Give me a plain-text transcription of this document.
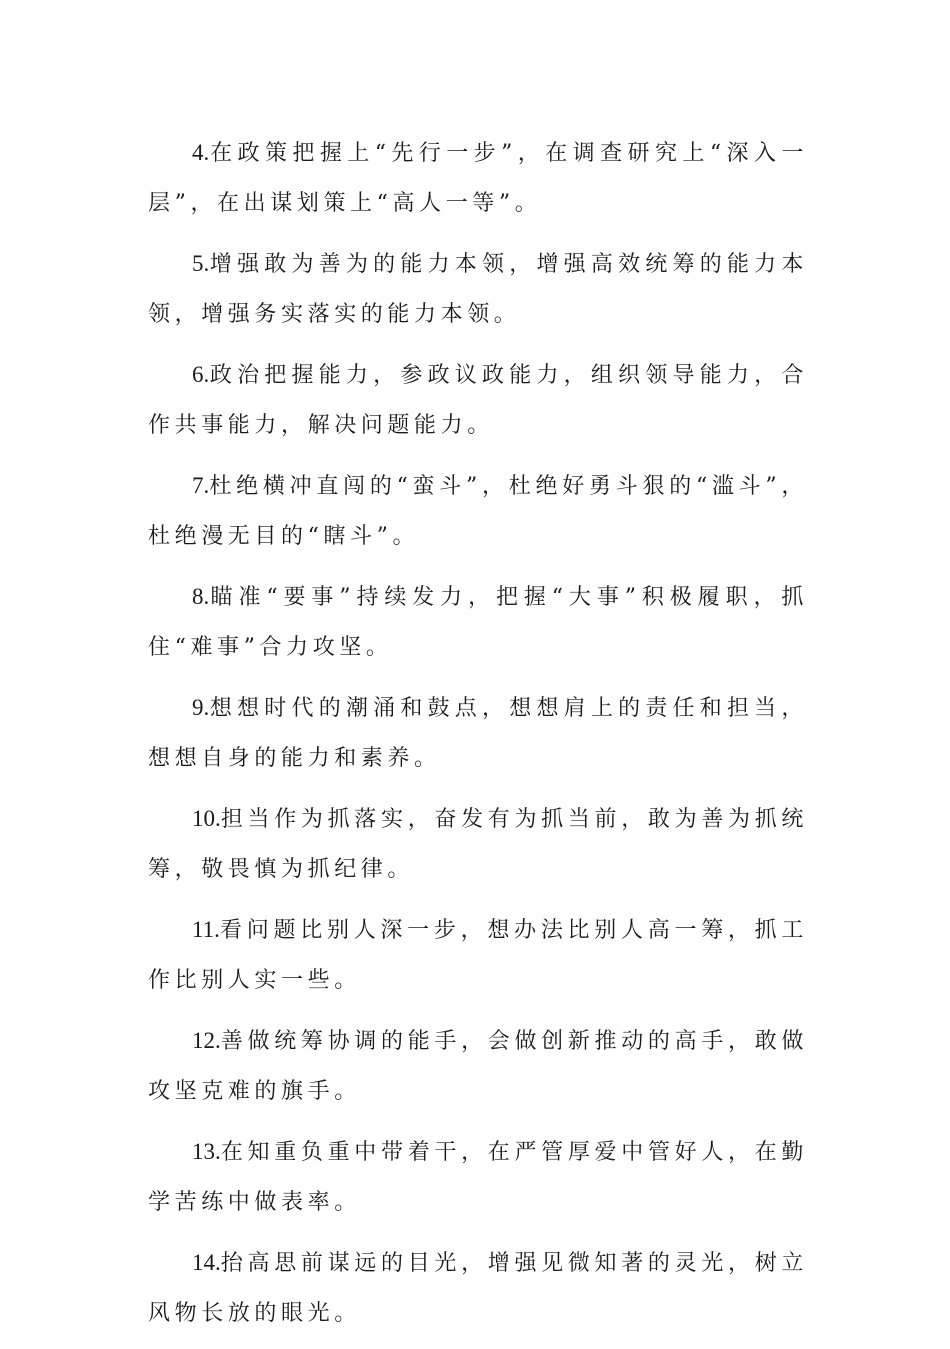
4.在政策把握上“先行一步”，在调查研究上“深入一层”，在出谋划策上“高人一等”。

5.增强敢为善为的能力本领，增强高效统筹的能力本领，增强务实落实的能力本领。

6.政治把握能力，参政议政能力，组织领导能力，合作共事能力，解决问题能力。

7.杜绝横冲直闯的“蛮斗”，杜绝好勇斗狠的“滥斗”，杜绝漫无目的“瞎斗”。

8.瞄准“要事”持续发力，把握“大事”积极履职，抓住“难事”合力攻坚。

9.想想时代的潮涌和鼓点，想想肩上的责任和担当，想想自身的能力和素养。

10.担当作为抓落实，奋发有为抓当前，敢为善为抓统筹，敬畏慎为抓纪律。

11.看问题比别人深一步，想办法比别人高一筹，抓工作比别人实一些。

12.善做统筹协调的能手，会做创新推动的高手，敢做攻坚克难的旗手。

13.在知重负重中带着干，在严管厚爱中管好人，在勤学苦练中做表率。

14.抬高思前谋远的目光，增强见微知著的灵光，树立风物长放的眼光。
